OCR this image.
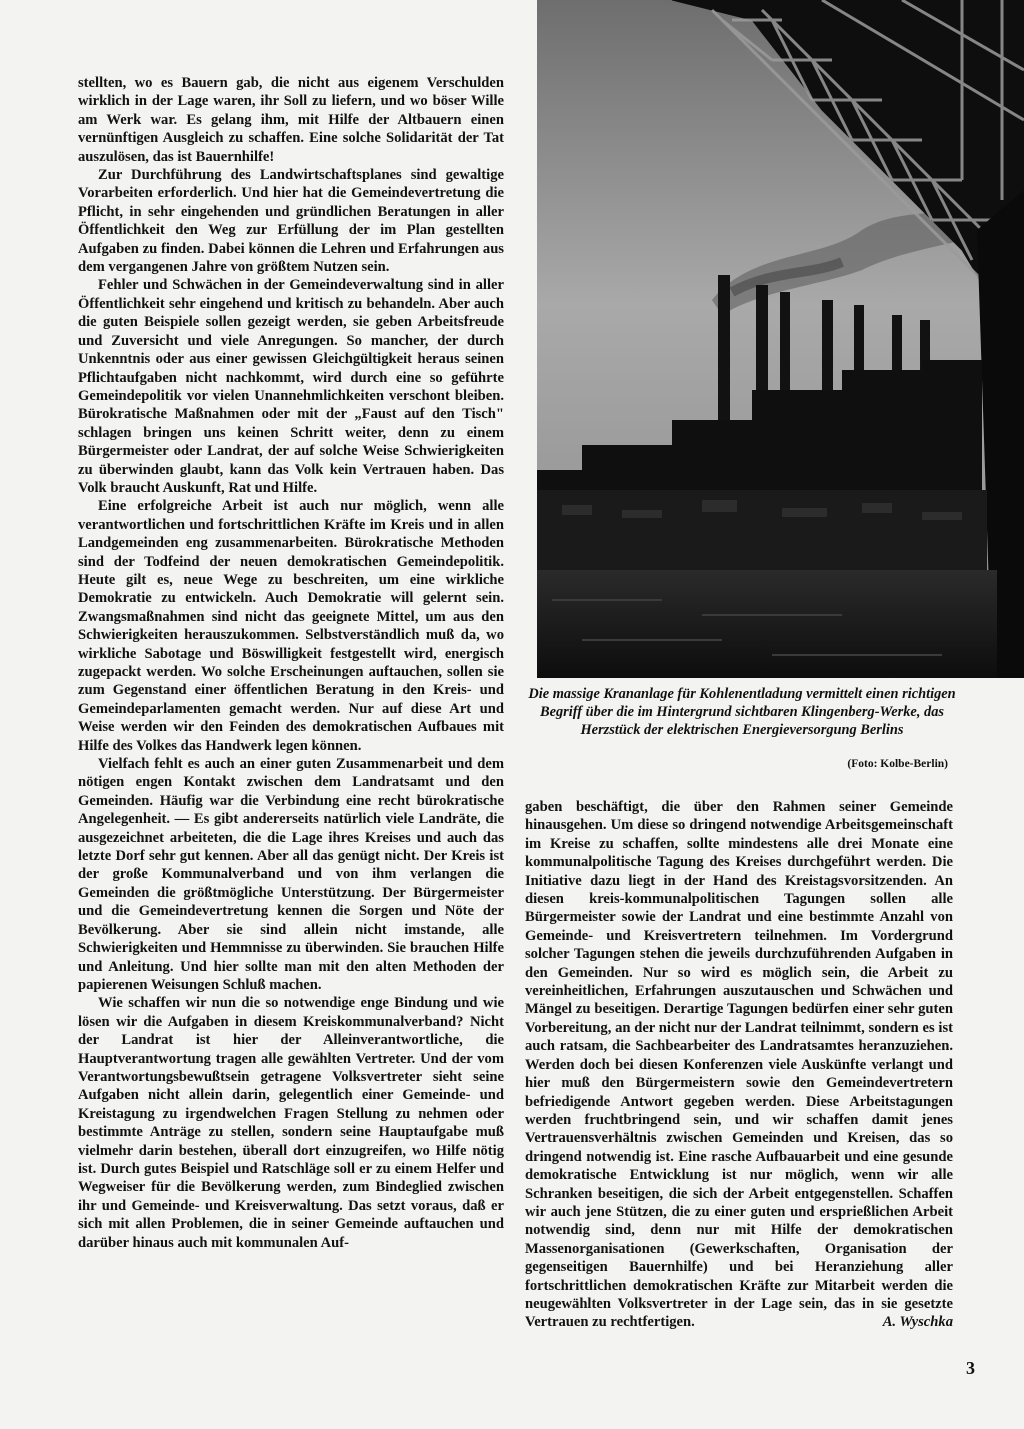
stellten, wo es Bauern gab, die nicht aus eigenem Verschulden wirklich in der Lage waren, ihr Soll zu liefern, und wo böser Wille am Werk war. Es gelang ihm, mit Hilfe der Altbauern einen vernünftigen Ausgleich zu schaffen. Eine solche Solidarität der Tat auszulösen, das ist Bauernhilfe!

Zur Durchführung des Landwirtschaftsplanes sind gewaltige Vorarbeiten erforderlich. Und hier hat die Gemeindevertretung die Pflicht, in sehr eingehenden und gründlichen Beratungen in aller Öffentlichkeit den Weg zur Erfüllung der im Plan gestellten Aufgaben zu finden. Dabei können die Lehren und Erfahrungen aus dem vergangenen Jahre von größtem Nutzen sein.

Fehler und Schwächen in der Gemeindeverwaltung sind in aller Öffentlichkeit sehr eingehend und kritisch zu behandeln. Aber auch die guten Beispiele sollen gezeigt werden, sie geben Arbeitsfreude und Zuversicht und viele Anregungen. So mancher, der durch Unkenntnis oder aus einer gewissen Gleichgültigkeit heraus seinen Pflichtaufgaben nicht nachkommt, wird durch eine so geführte Gemeindepolitik vor vielen Unannehmlichkeiten verschont bleiben. Bürokratische Maßnahmen oder mit der „Faust auf den Tisch" schlagen bringen uns keinen Schritt weiter, denn zu einem Bürgermeister oder Landrat, der auf solche Weise Schwierigkeiten zu überwinden glaubt, kann das Volk kein Vertrauen haben. Das Volk braucht Auskunft, Rat und Hilfe.

Eine erfolgreiche Arbeit ist auch nur möglich, wenn alle verantwortlichen und fortschrittlichen Kräfte im Kreis und in allen Landgemeinden eng zusammenarbeiten. Bürokratische Methoden sind der Todfeind der neuen demokratischen Gemeindepolitik. Heute gilt es, neue Wege zu beschreiten, um eine wirkliche Demokratie zu entwickeln. Auch Demokratie will gelernt sein. Zwangsmaßnahmen sind nicht das geeignete Mittel, um aus den Schwierigkeiten herauszukommen. Selbstverständlich muß da, wo wirkliche Sabotage und Böswilligkeit festgestellt wird, energisch zugepackt werden. Wo solche Erscheinungen auftauchen, sollen sie zum Gegenstand einer öffentlichen Beratung in den Kreis- und Gemeindeparlamenten gemacht werden. Nur auf diese Art und Weise werden wir den Feinden des demokratischen Aufbaues mit Hilfe des Volkes das Handwerk legen können.

Vielfach fehlt es auch an einer guten Zusammenarbeit und dem nötigen engen Kontakt zwischen dem Landratsamt und den Gemeinden. Häufig war die Verbindung eine recht bürokratische Angelegenheit. — Es gibt andererseits natürlich viele Landräte, die ausgezeichnet arbeiteten, die die Lage ihres Kreises und auch das letzte Dorf sehr gut kennen. Aber all das genügt nicht. Der Kreis ist der große Kommunalverband und von ihm verlangen die Gemeinden die größtmögliche Unterstützung. Der Bürgermeister und die Gemeindevertretung kennen die Sorgen und Nöte der Bevölkerung. Aber sie sind allein nicht imstande, alle Schwierigkeiten und Hemmnisse zu überwinden. Sie brauchen Hilfe und Anleitung. Und hier sollte man mit den alten Methoden der papierenen Weisungen Schluß machen.

Wie schaffen wir nun die so notwendige enge Bindung und wie lösen wir die Aufgaben in diesem Kreiskommunalverband? Nicht der Landrat ist hier der Alleinverantwortliche, die Hauptverantwortung tragen alle gewählten Vertreter. Und der vom Verantwortungsbewußtsein getragene Volksvertreter sieht seine Aufgaben nicht allein darin, gelegentlich einer Gemeinde- und Kreistagung zu irgendwelchen Fragen Stellung zu nehmen oder bestimmte Anträge zu stellen, sondern seine Hauptaufgabe muß vielmehr darin bestehen, überall dort einzugreifen, wo Hilfe nötig ist. Durch gutes Beispiel und Ratschläge soll er zu einem Helfer und Wegweiser für die Bevölkerung werden, zum Bindeglied zwischen ihr und Gemeinde- und Kreisverwaltung. Das setzt voraus, daß er sich mit allen Problemen, die in seiner Gemeinde auftauchen und darüber hinaus auch mit kommunalen Auf-

Die massige Krananlage für Kohlenentladung vermittelt einen richtigen Begriff über die im Hintergrund sichtbaren Klingenberg-Werke, das Herzstück der elektrischen Energieversorgung Berlins
(Foto: Kolbe-Berlin)

gaben beschäftigt, die über den Rahmen seiner Gemeinde hinausgehen. Um diese so dringend notwendige Arbeitsgemeinschaft im Kreise zu schaffen, sollte mindestens alle drei Monate eine kommunalpolitische Tagung des Kreises durchgeführt werden. Die Initiative dazu liegt in der Hand des Kreistagsvorsitzenden. An diesen kreis-kommunalpolitischen Tagungen sollen alle Bürgermeister sowie der Landrat und eine bestimmte Anzahl von Gemeinde- und Kreisvertretern teilnehmen. Im Vordergrund solcher Tagungen stehen die jeweils durchzuführenden Aufgaben in den Gemeinden. Nur so wird es möglich sein, die Arbeit zu vereinheitlichen, Erfahrungen auszutauschen und Schwächen und Mängel zu beseitigen. Derartige Tagungen bedürfen einer sehr guten Vorbereitung, an der nicht nur der Landrat teilnimmt, sondern es ist auch ratsam, die Sachbearbeiter des Landratsamtes heranzuziehen. Werden doch bei diesen Konferenzen viele Auskünfte verlangt und hier muß den Bürgermeistern sowie den Gemeindevertretern befriedigende Antwort gegeben werden. Diese Arbeitstagungen werden fruchtbringend sein, und wir schaffen damit jenes Vertrauensverhältnis zwischen Gemeinden und Kreisen, das so dringend notwendig ist. Eine rasche Aufbauarbeit und eine gesunde demokratische Entwicklung ist nur möglich, wenn wir alle Schranken beseitigen, die sich der Arbeit entgegenstellen. Schaffen wir auch jene Stützen, die zu einer guten und ersprießlichen Arbeit notwendig sind, denn nur mit Hilfe der demokratischen Massenorganisationen (Gewerkschaften, Organisation der gegenseitigen Bauernhilfe) und bei Heranziehung aller fortschrittlichen demokratischen Kräfte zur Mitarbeit werden die neugewählten Volksvertreter in der Lage sein, das in sie gesetzte Vertrauen zu rechtfertigen.	A. Wyschka

3
